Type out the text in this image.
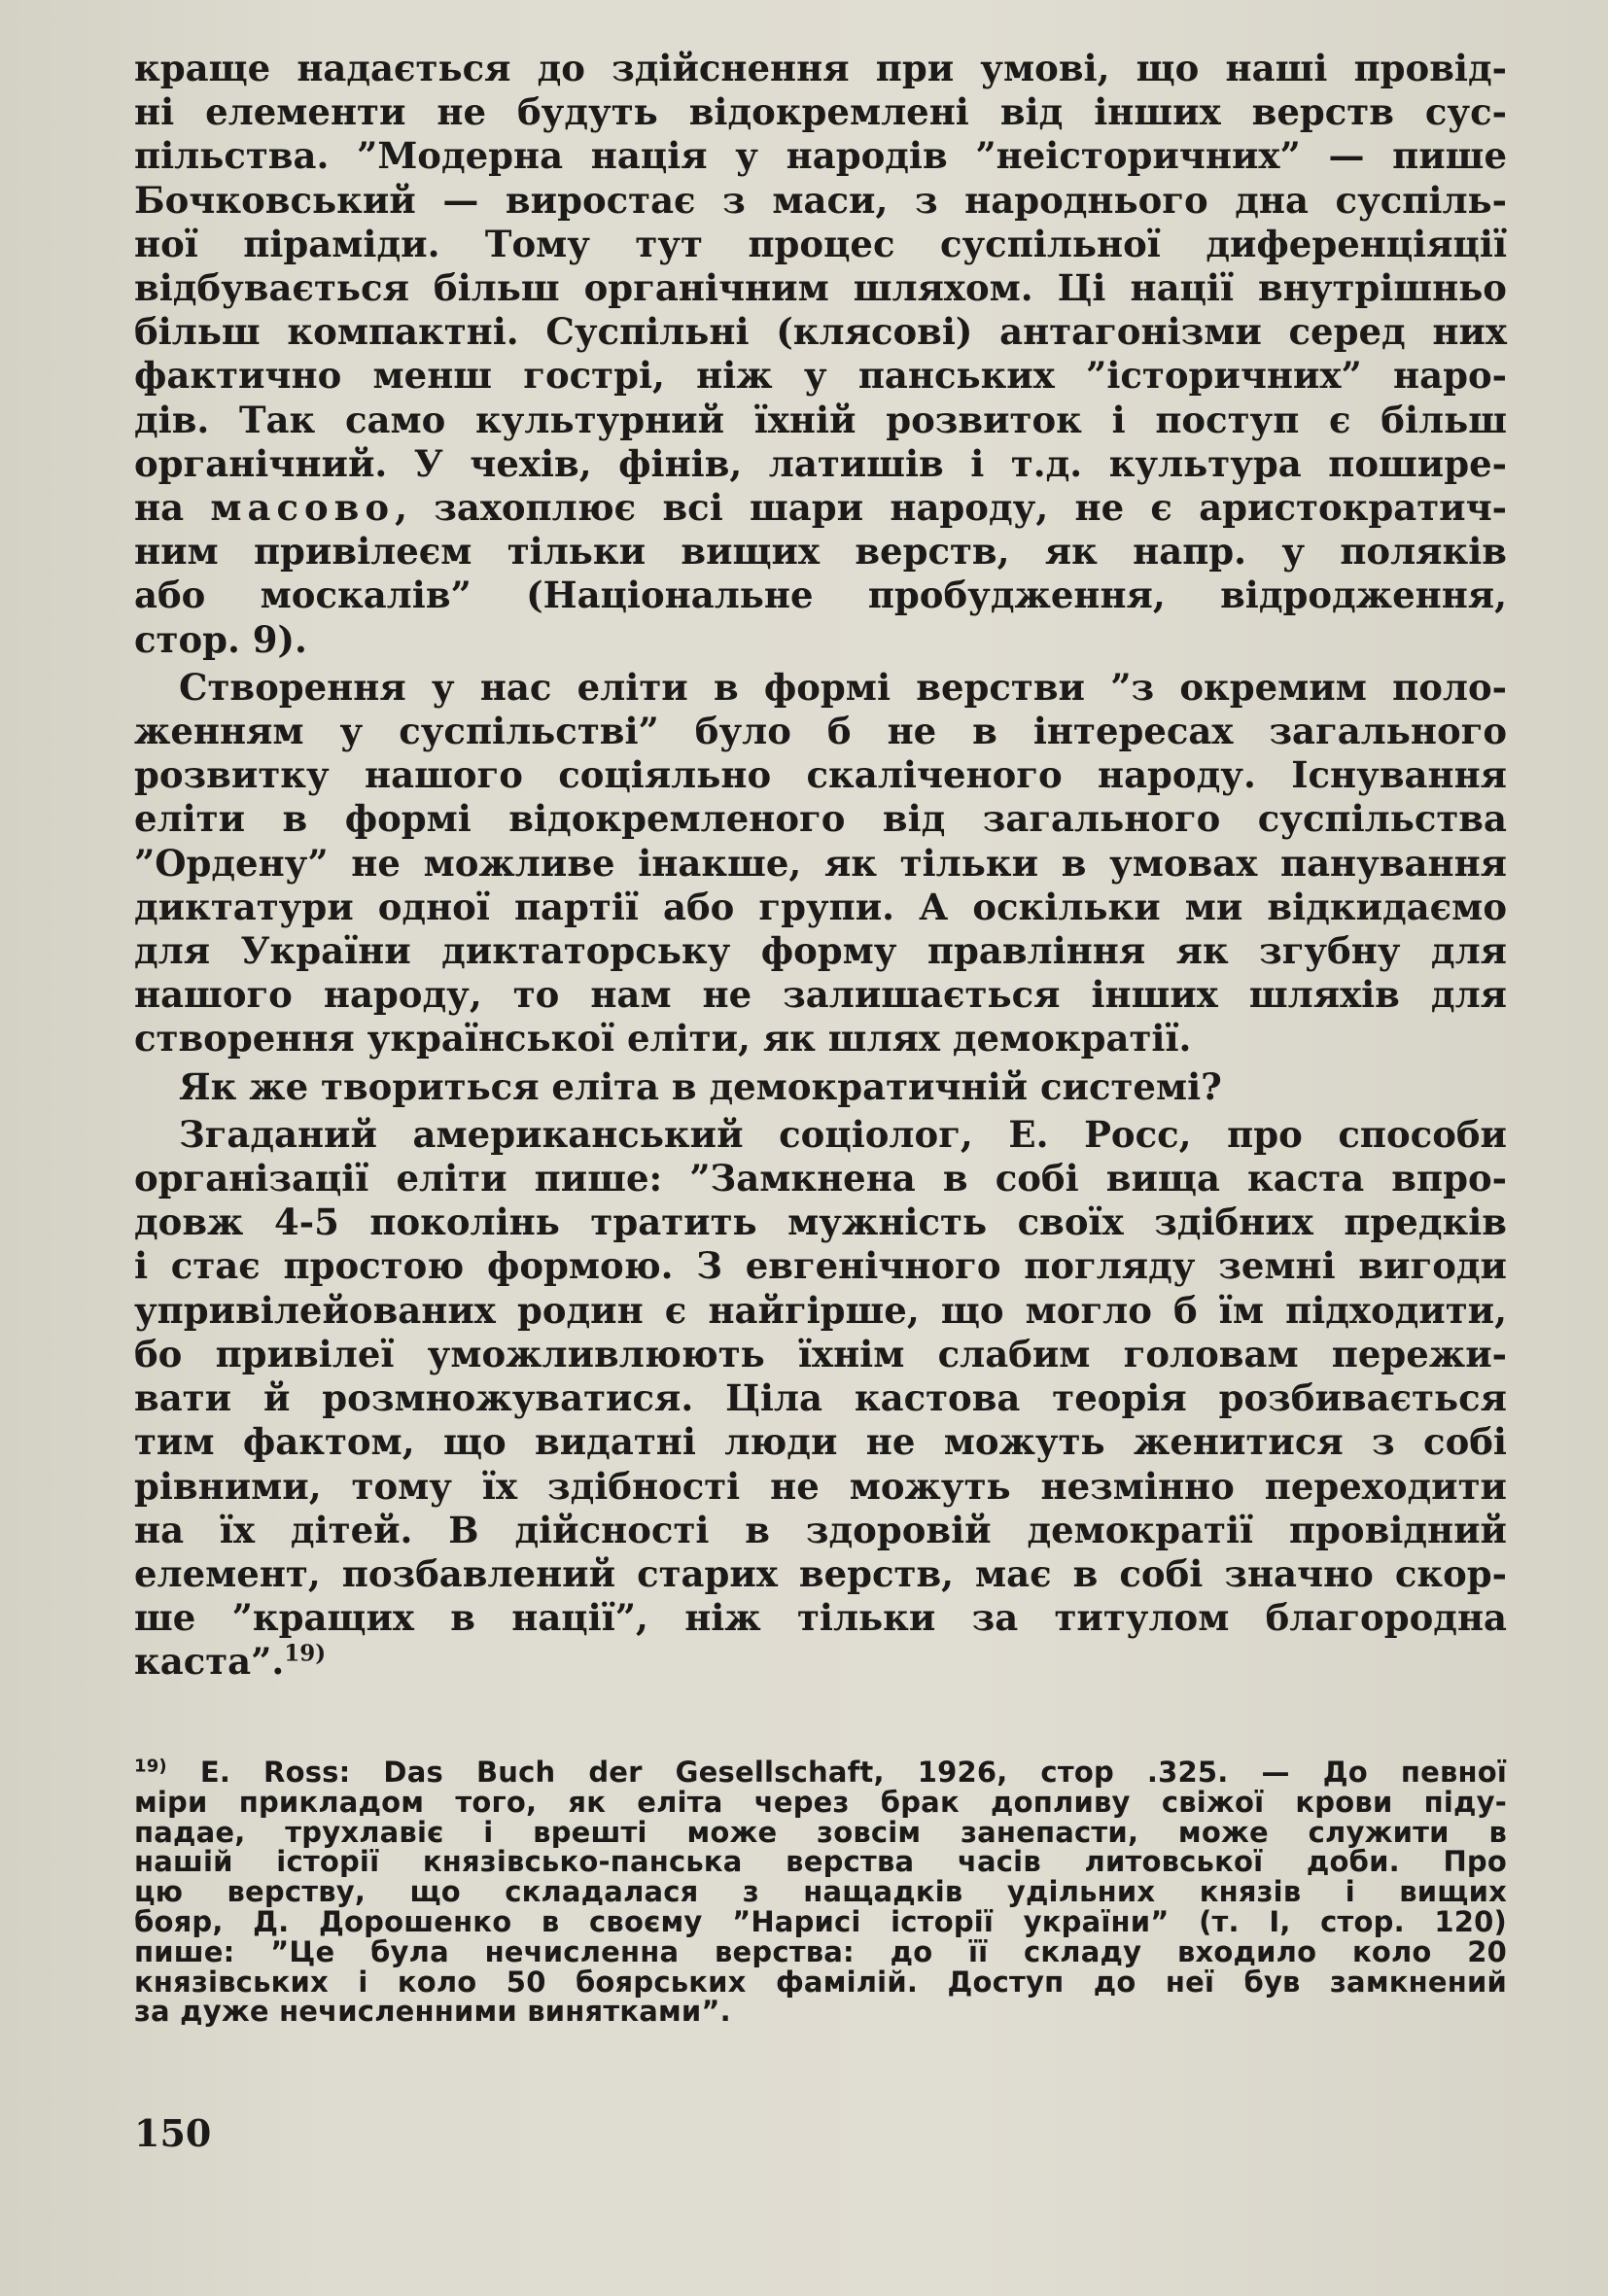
краще надається до здійснення при умові, що наші провід-

ні елементи не будуть відокремлені від інших верств сус-

пільства. ”Модерна нація у народів ”неісторичних” — пише

Бочковський — виростає з маси, з народнього дна суспіль-

ної піраміди. Тому тут процес суспільної диференціяції

відбувається більш органічним шляхом. Ці нації внутрішньо

більш компактні. Суспільні (клясові) антагонізми серед них

фактично менш гострі, ніж у панських ”історичних” наро-

дів. Так само культурний їхній розвиток і поступ є більш

органічний. У чехів, фінів, латишів і т.д. культура поширe-

на масово, захоплює всі шари народу, не є аристократич-

ним привілеєм тільки вищих верств, як напр. у поляків

або москалів” (Національне пробудження, відродження,

стор. 9).

Створення у нас еліти в формі верстви ”з окремим поло-

женням у суспільстві” було б не в інтересах загального

розвитку нашого соціяльно скаліченого народу. Існування

еліти в формі відокремленого від загального суспільства

”Ордену” не можливе інакше, як тільки в умовах панування

диктатури одної партії або групи. А оскільки ми відкидаємо

для України диктаторську форму правління як згубну для

нашого народу, то нам не залишається інших шляхів для

створення української еліти, як шлях демократії.

Як же твориться еліта в демократичній системі?

Згаданий американський соціолог, Е. Росс, про способи

організації еліти пише: ”Замкнена в собі вища каста впро-

довж 4-5 поколінь тратить мужність своїх здібних предків

і стає простою формою. З евгенічного погляду земні вигоди

упривілейованих родин є найгірше, що могло б їм підходити,

бо привілеї уможливлюють їхнім слабим головам пережи-

вати й розмножуватися. Ціла кастова теорія розбивається

тим фактом, що видатні люди не можуть женитися з собі

рівними, тому їх здібності не можуть незмінно переходити

на їх дітей. В дійсності в здоровій демократії провідний

елемент, позбавлений старих верств, має в собі значно скор-

ше ”кращих в нації”, ніж тільки за титулом благородна

каста”.$^{19)}$

$^{19)}$ E. Ross: Das Buch der Gesellschaft, 1926, стор .325. — До певної

міри прикладом того, як еліта через брак допливу свіжої крови піду-

падае, трухлавіє і врешті може зовсім занепасти, може служити в

нашій історії князівсько-панська верства часів литовської доби. Про

цю верству, що складалася з нащадків удільних князів і вищих

бояр, Д. Дорошенко в своєму ”Нарисі історії україни” (т. I, стор. 120)

пише: ”Це була нечисленна верства: до її складу входило коло 20

князівських і коло 50 боярських фамілій. Доступ до неї був замкнений

за дуже нечисленними винятками”.

150
